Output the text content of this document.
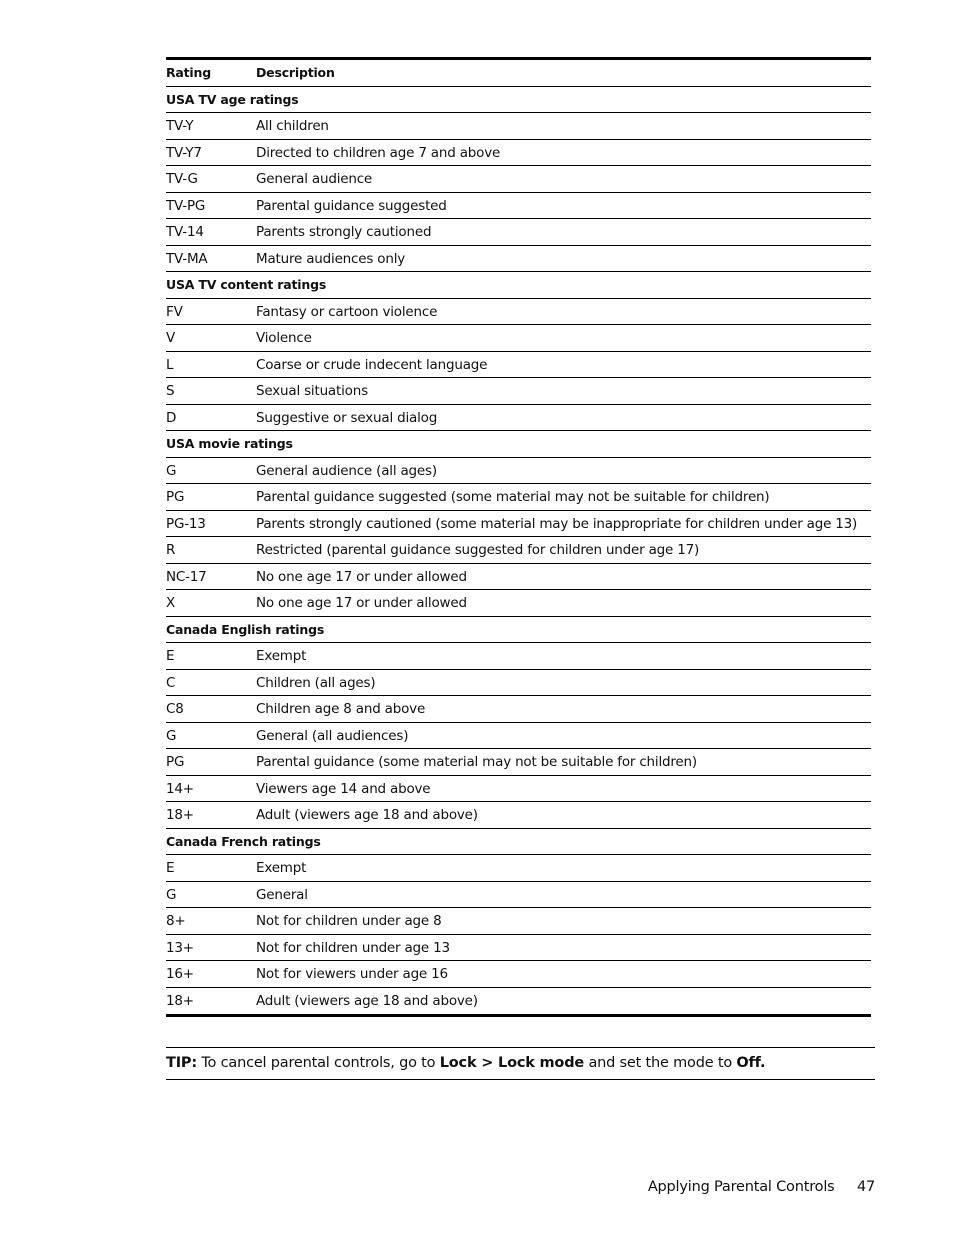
Rating	Description
USA TV age ratings
TV-Y	All children
TV-Y7	Directed to children age 7 and above
TV-G	General audience
TV-PG	Parental guidance suggested
TV-14	Parents strongly cautioned
TV-MA	Mature audiences only
USA TV content ratings
FV	Fantasy or cartoon violence
V	Violence
L	Coarse or crude indecent language
S	Sexual situations
D	Suggestive or sexual dialog
USA movie ratings
G	General audience (all ages)
PG	Parental guidance suggested (some material may not be suitable for children)
PG-13	Parents strongly cautioned (some material may be inappropriate for children under age 13)
R	Restricted (parental guidance suggested for children under age 17)
NC-17	No one age 17 or under allowed
X	No one age 17 or under allowed
Canada English ratings
E	Exempt
C	Children (all ages)
C8	Children age 8 and above
G	General (all audiences)
PG	Parental guidance (some material may not be suitable for children)
14+	Viewers age 14 and above
18+	Adult (viewers age 18 and above)
Canada French ratings
E	Exempt
G	General
8+	Not for children under age 8
13+	Not for children under age 13
16+	Not for viewers under age 16
18+	Adult (viewers age 18 and above)
TIP: To cancel parental controls, go to Lock > Lock mode and set the mode to Off.
Applying Parental Controls 47
